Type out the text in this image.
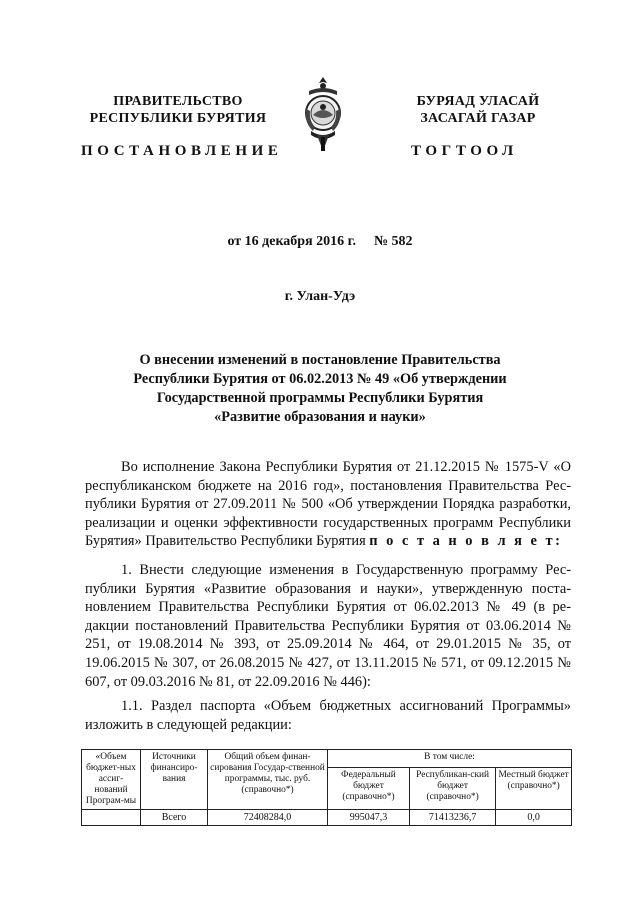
ПРАВИТЕЛЬСТВО
РЕСПУБЛИКИ БУРЯТИЯ
ПОСТАНОВЛЕНИЕ
БУРЯАД УЛАСАЙ
ЗАСАГАЙ ГАЗАР
ТОГТООЛ
от 16 декабря 2016 г. № 582
г. Улан-Удэ
О внесении изменений в постановление Правительства
Республики Бурятия от 06.02.2013 № 49 «Об утверждении
Государственной программы Республики Бурятия
«Развитие образования и науки»
Во исполнение Закона Республики Бурятия от 21.12.2015 № 1575-V «О республиканском бюджете на 2016 год», постановления Правительства Рес-публики Бурятия от 27.09.2011 № 500 «Об утверждении Порядка разработки, реализации и оценки эффективности государственных программ Республики Бурятия» Правительство Республики Бурятия п о с т а н о в л я е т:
1. Внести следующие изменения в Государственную программу Рес-публики Бурятия «Развитие образования и науки», утвержденную поста-новлением Правительства Республики Бурятия от 06.02.2013 № 49 (в ре-дакции постановлений Правительства Республики Бурятия от 03.06.2014 № 251, от 19.08.2014 № 393, от 25.09.2014 № 464, от 29.01.2015 № 35, от 19.06.2015 № 307, от 26.08.2015 № 427, от 13.11.2015 № 571, от 09.12.2015 № 607, от 09.03.2016 № 81, от 22.09.2016 № 446):
1.1. Раздел паспорта «Объем бюджетных ассигнований Программы» изложить в следующей редакции:
«Объем бюджет-ных ассиг-нований Програм-мы	Источники финансиро-вания	Общий объем финан-сирования Государ-ственной программы, тыс. руб. (справочно*)	В том числе:		
			Федеральный бюджет (справочно*)	Республикан-ский бюджет (справочно*)	Местный бюджет (справочно*)
	Всего	72408284,0	995047,3	71413236,7	0,0
